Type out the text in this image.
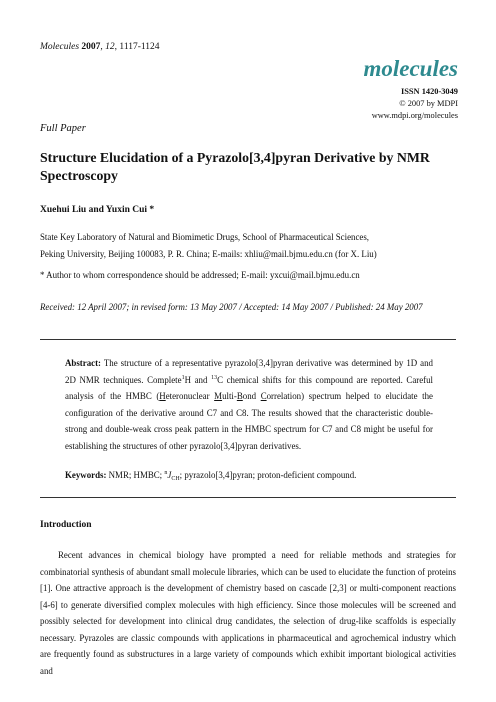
Molecules 2007, 12, 1117-1124
molecules
ISSN 1420-3049
© 2007 by MDPI
www.mdpi.org/molecules
Full Paper
Structure Elucidation of a Pyrazolo[3,4]pyran Derivative by NMR Spectroscopy
Xuehui Liu and Yuxin Cui *
State Key Laboratory of Natural and Biomimetic Drugs, School of Pharmaceutical Sciences,
Peking University, Beijing 100083, P. R. China; E-mails: xhliu@mail.bjmu.edu.cn (for X. Liu)
* Author to whom correspondence should be addressed; E-mail: yxcui@mail.bjmu.edu.cn
Received: 12 April 2007; in revised form: 13 May 2007 / Accepted: 14 May 2007 / Published: 24 May 2007
Abstract: The structure of a representative pyrazolo[3,4]pyran derivative was determined by 1D and 2D NMR techniques. Complete$^1$H and $^{13}$C chemical shifts for this compound are reported. Careful analysis of the HMBC (Heteronuclear Multi-Bond Correlation) spectrum helped to elucidate the configuration of the derivative around C7 and C8. The results showed that the characteristic double-strong and double-weak cross peak pattern in the HMBC spectrum for C7 and C8 might be useful for establishing the structures of other pyrazolo[3,4]pyran derivatives.
Keywords: NMR; HMBC; $^nJ_{CH}$; pyrazolo[3,4]pyran; proton-deficient compound.
Introduction

Recent advances in chemical biology have prompted a need for reliable methods and strategies for combinatorial synthesis of abundant small molecule libraries, which can be used to elucidate the function of proteins [1]. One attractive approach is the development of chemistry based on cascade [2,3] or multi-component reactions [4-6] to generate diversified complex molecules with high efficiency. Since those molecules will be screened and possibly selected for development into clinical drug candidates, the selection of drug-like scaffolds is especially necessary. Pyrazoles are classic compounds with applications in pharmaceutical and agrochemical industry which are frequently found as substructures in a large variety of compounds which exhibit important biological activities and
